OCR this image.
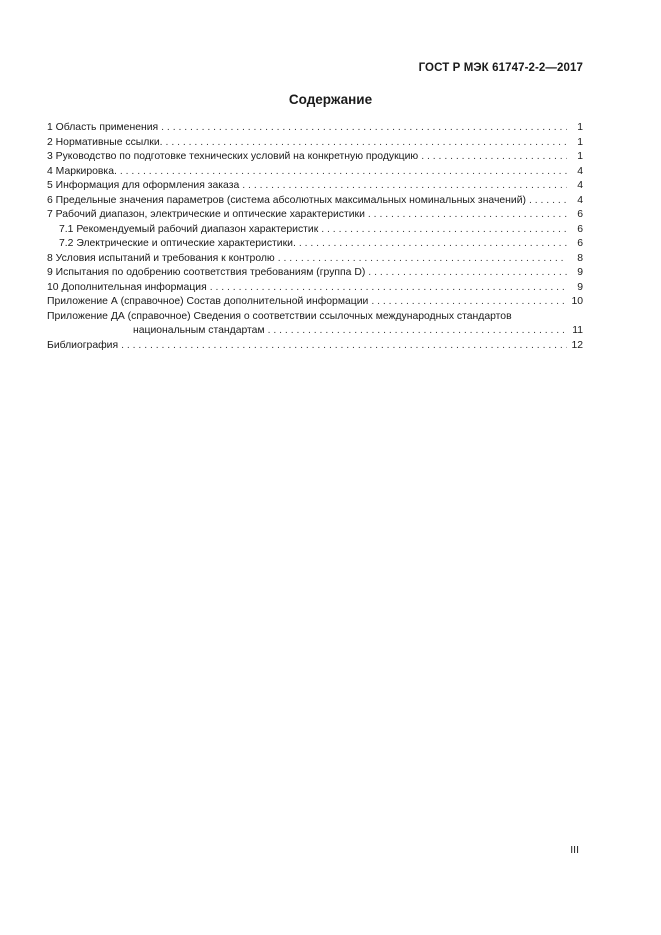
ГОСТ Р МЭК 61747-2-2—2017
Содержание
1 Область применения . . .	1
2 Нормативные ссылки. . . .	1
3 Руководство по подготовке технических условий на конкретную продукцию . . .	1
4 Маркировка. . . .	4
5 Информация для оформления заказа . . .	4
6 Предельные значения параметров (система абсолютных максимальных номинальных значений) . . .	4
7 Рабочий диапазон, электрические и оптические характеристики . . .	6
7.1 Рекомендуемый рабочий диапазон характеристик . . .	6
7.2 Электрические и оптические характеристики. . . .	6
8 Условия испытаний и требования к контролю . . .	8
9 Испытания по одобрению соответствия требованиям (группа D) . . .	9
10 Дополнительная информация . . .	9
Приложение А (справочное) Состав дополнительной информации . . .	10
Приложение ДА (справочное) Сведения о соответствии ссылочных международных стандартов
национальным стандартам . . .	11
Библиография . . .	12
III
